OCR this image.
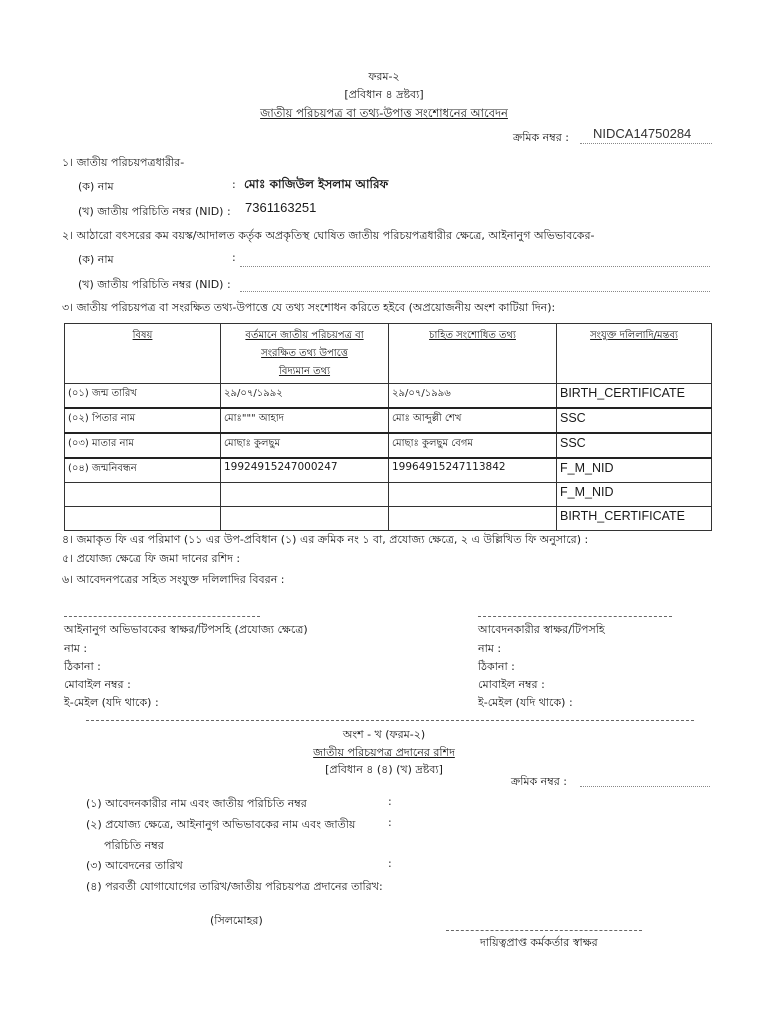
ফরম-২
[প্রবিধান ৪ দ্রষ্টব্য]
জাতীয় পরিচয়পত্র বা তথ্য-উপাত্ত সংশোধনের আবেদন
ক্রমিক নম্বর : NIDCA14750284
১। জাতীয় পরিচয়পত্রধারীর-
(ক) নাম	: মোঃ কাজিউল ইসলাম আরিফ
(খ) জাতীয় পরিচিতি নম্বর (NID) : 7361163251
২। আঠারো বৎসরের কম বয়স্ক/আদালত কর্তৃক অপ্রকৃতিস্থ ঘোষিত জাতীয় পরিচয়পত্রধারীর ক্ষেত্রে, আইনানুগ অভিভাবকের-
(ক) নাম	:
(খ) জাতীয় পরিচিতি নম্বর (NID) :
৩। জাতীয় পরিচয়পত্র বা সংরক্ষিত তথ্য-উপাত্তে যে তথ্য সংশোধন করিতে হইবে (অপ্রয়োজনীয় অংশ কাটিয়া দিন):
বিষয়	বর্তমানে জাতীয় পরিচয়পত্র বা
সংরক্ষিত তথ্য উপাত্তে
বিদ্যমান তথ্য	চাহিত সংশোধিত তথ্য	সংযুক্ত দলিলাদি/মন্তব্য
(০১) জন্ম তারিখ	২৯/০৭/১৯৯২	২৯/০৭/১৯৯৬	BIRTH_CERTIFICATE
(০২) পিতার নাম	মোঃ""" আহাদ	মোঃ আব্দুল্লী শেখ	SSC
(০৩) মাতার নাম	মোছাঃ কুলছুম	মোছাঃ কুলছুম বেগম	SSC
(০৪) জন্মনিবন্ধন	19924915247000247	19964915247113842	F_M_NID
			F_M_NID
			BIRTH_CERTIFICATE
৪। জমাকৃত ফি এর পরিমাণ (১১ এর উপ-প্রবিধান (১) এর ক্রমিক নং ১ বা, প্রযোজ্য ক্ষেত্রে, ২ এ উল্লিখিত ফি অনুসারে) :
৫। প্রযোজ্য ক্ষেত্রে ফি জমা দানের রশিদ :
৬। আবেদনপত্রের সহিত সংযুক্ত দলিলাদির বিবরন :
আইনানুগ অভিভাবকের স্বাক্ষর/টিপসহি (প্রযোজ্য ক্ষেত্রে)
নাম :
ঠিকানা :
মোবাইল নম্বর :
ই-মেইল (যদি থাকে) :
আবেদনকারীর স্বাক্ষর/টিপসহি
নাম :
ঠিকানা :
মোবাইল নম্বর :
ই-মেইল (যদি থাকে) :
অংশ - খ (ফরম-২)
জাতীয় পরিচয়পত্র প্রদানের রশিদ
[প্রবিধান ৪ (৪) (খ) দ্রষ্টব্য]
ক্রমিক নম্বর :
(১) আবেদনকারীর নাম এবং জাতীয় পরিচিতি নম্বর	:
(২) প্রযোজ্য ক্ষেত্রে, আইনানুগ অভিভাবকের নাম এবং জাতীয়	:
পরিচিতি নম্বর
(৩) আবেদনের তারিখ	:
(৪) পরবর্তী যোগাযোগের তারিখ/জাতীয় পরিচয়পত্র প্রদানের তারিখ:
(সিলমোহর)
দায়িত্বপ্রাপ্ত কর্মকর্তার স্বাক্ষর
